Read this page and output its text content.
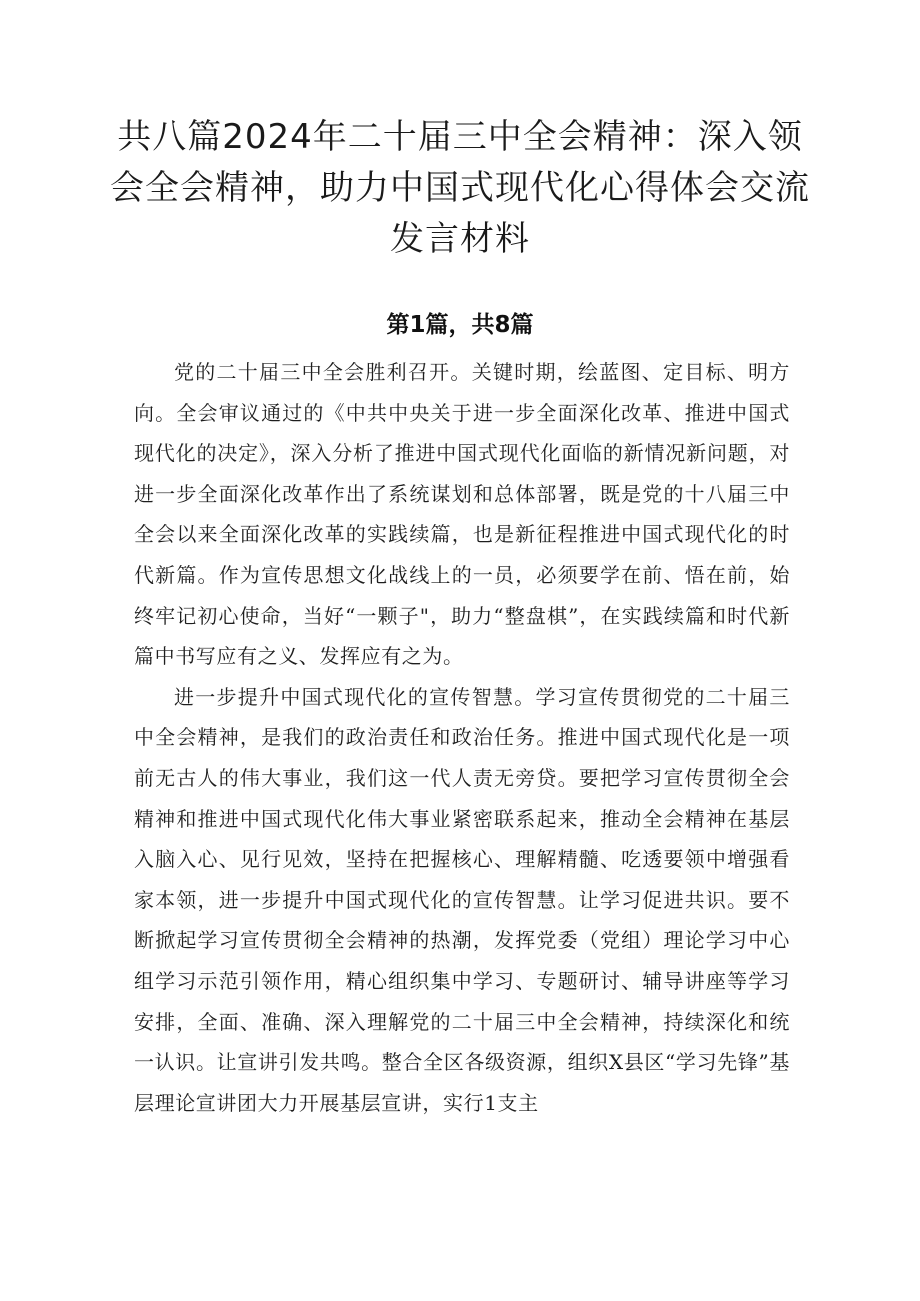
共八篇2024年二十届三中全会精神：深入领会全会精神，助力中国式现代化心得体会交流发言材料
第1篇，共8篇

党的二十届三中全会胜利召开。关键时期，绘蓝图、定目标、明方向。全会审议通过的《中共中央关于进一步全面深化改革、推进中国式现代化的决定》，深入分析了推进中国式现代化面临的新情况新问题，对进一步全面深化改革作出了系统谋划和总体部署，既是党的十八届三中全会以来全面深化改革的实践续篇，也是新征程推进中国式现代化的时代新篇。作为宣传思想文化战线上的一员，必须要学在前、悟在前，始终牢记初心使命，当好“一颗子"，助力“整盘棋”，在实践续篇和时代新篇中书写应有之义、发挥应有之为。

进一步提升中国式现代化的宣传智慧。学习宣传贯彻党的二十届三中全会精神，是我们的政治责任和政治任务。推进中国式现代化是一项前无古人的伟大事业，我们这一代人责无旁贷。要把学习宣传贯彻全会精神和推进中国式现代化伟大事业紧密联系起来，推动全会精神在基层入脑入心、见行见效，坚持在把握核心、理解精髓、吃透要领中增强看家本领，进一步提升中国式现代化的宣传智慧。让学习促进共识。要不断掀起学习宣传贯彻全会精神的热潮，发挥党委（党组）理论学习中心组学习示范引领作用，精心组织集中学习、专题研讨、辅导讲座等学习安排，全面、准确、深入理解党的二十届三中全会精神，持续深化和统一认识。让宣讲引发共鸣。整合全区各级资源，组织X县区“学习先锋”基层理论宣讲团大力开展基层宣讲，实行1支主
